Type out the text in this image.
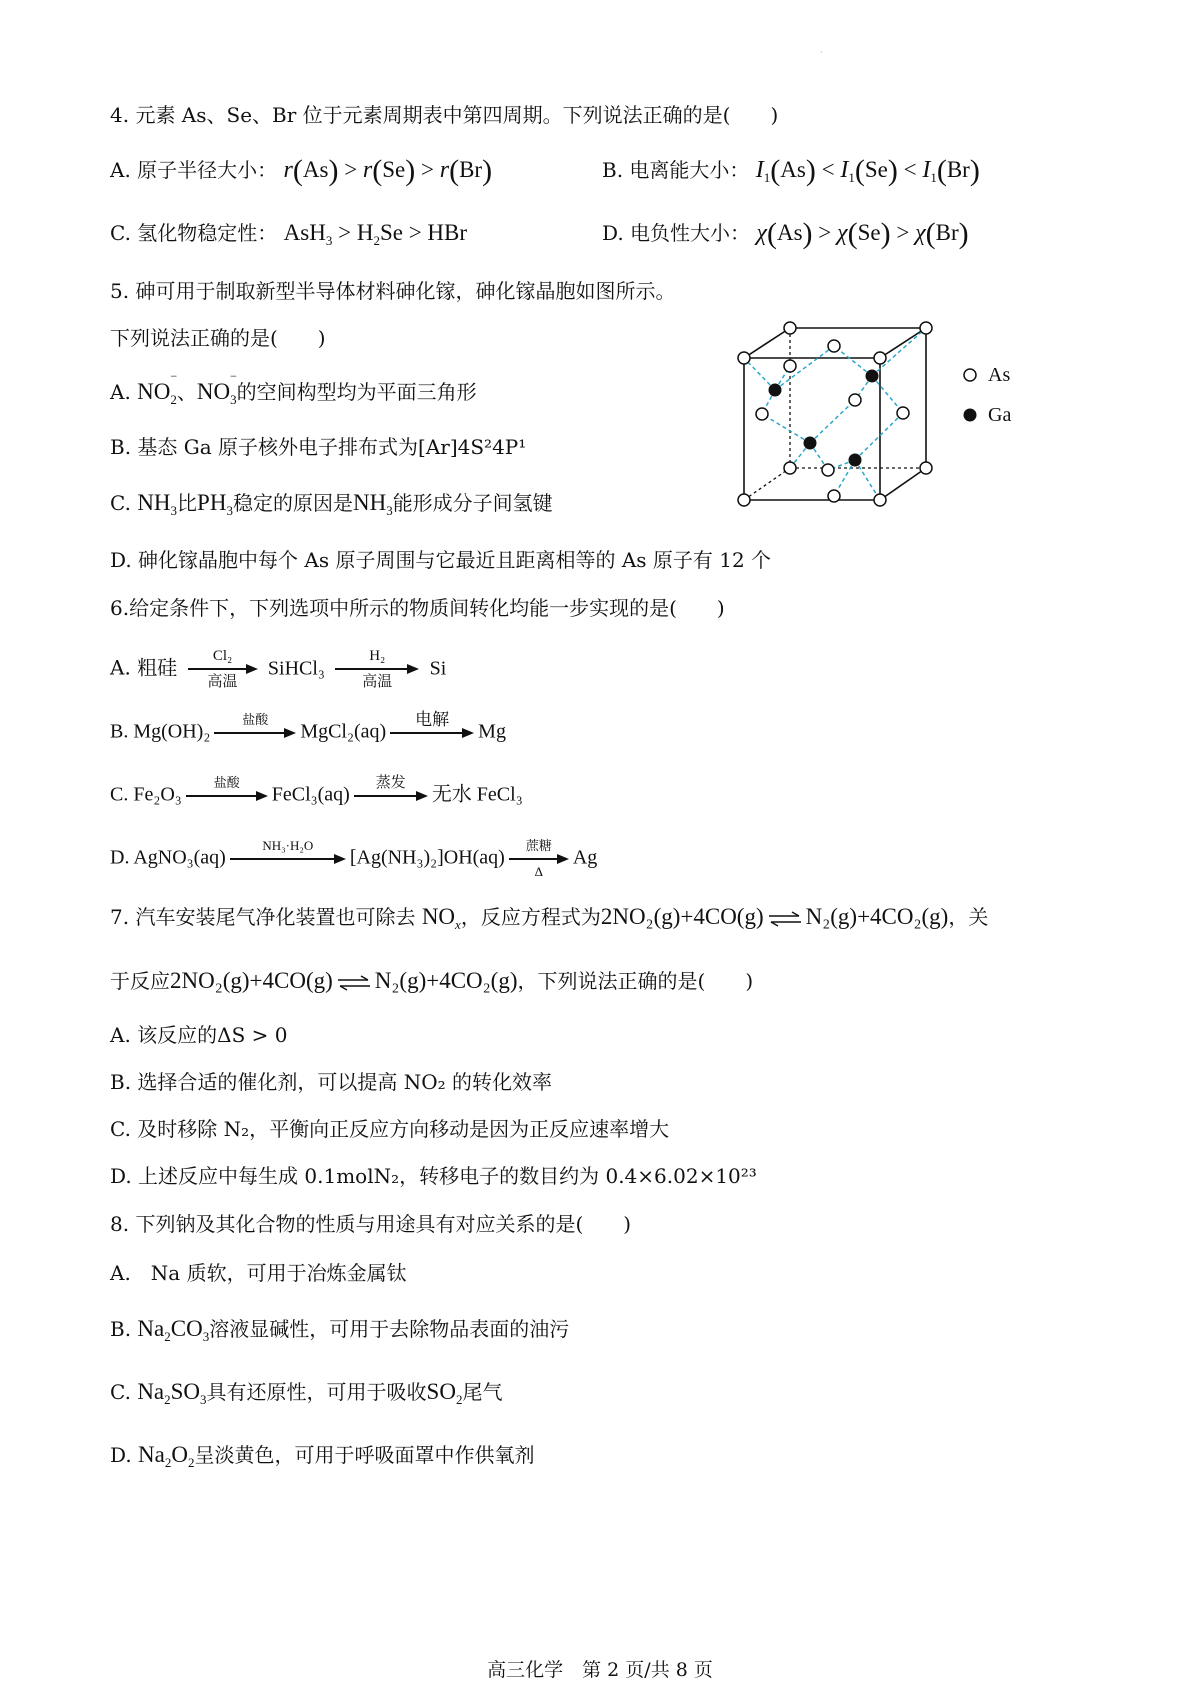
·
4. 元素 As、Se、Br 位于元素周期表中第四周期。下列说法正确的是(　　)
A. 原子半径大小： r(As) > r(Se) > r(Br)	B. 电离能大小： $I_1(As) < I_1(Se) < I_1(Br)$
C. 氢化物稳定性： $AsH_3 > H_2Se$ > HBr	D. 电负性大小： χ(As) > χ(Se) > χ(Br)
5. 砷可用于制取新型半导体材料砷化镓，砷化镓晶胞如图所示。
下列说法正确的是(　　)
A. NO
$_{- 2}$、NO
$_{- 3}$的空间构型均为平面三角形
B. 基态 Ga 原子核外电子排布式为[Ar]4S²4P¹
C. $NH_3$比$PH_3$稳定的原因是$NH_3$能形成分子间氢键
D. 砷化镓晶胞中每个 As 原子周围与它最近且距离相等的 As 原子有 12 个
As
Ga
6.给定条件下，下列选项中所示的物质间转化均能一步实现的是(　　)
A. 粗硅 Cl₂
高温
SiHCl₃
H₂
高温
Si
B. Mg(OH)₂
盐酸

MgCl₂(aq)
电解

Mg
C. Fe₂O₃
盐酸

FeCl₃(aq)
蒸发

无水 FeCl₃
D. AgNO₃(aq)
NH₃·H₂O

[Ag(NH₃)₂]OH(aq)
蔗糖
Δ
Ag
7. 汽车安装尾气净化装置也可除去 $NO_x$，反应方程式为2NO₂(g)+4CO(g) ⇌ N₂(g)+4CO₂(g)，关
于反应2NO₂(g)+4CO(g) ⇌ N₂(g)+4CO₂(g)，下列说法正确的是(　　)
A. 该反应的ΔS > 0
B. 选择合适的催化剂，可以提高 NO₂ 的转化效率
C. 及时移除 N₂，平衡向正反应方向移动是因为正反应速率增大
D. 上述反应中每生成 0.1molN₂，转移电子的数目约为 0.4×6.02×10²³
8. 下列钠及其化合物的性质与用途具有对应关系的是(　　)
A.　Na 质软，可用于冶炼金属钛
B. $Na_2CO_3$溶液显碱性，可用于去除物品表面的油污
C. $Na_2SO_3$具有还原性，可用于吸收$SO_2$尾气
D. $Na_2O_2$呈淡黄色，可用于呼吸面罩中作供氧剂
高三化学　第 2 页/共 8 页
